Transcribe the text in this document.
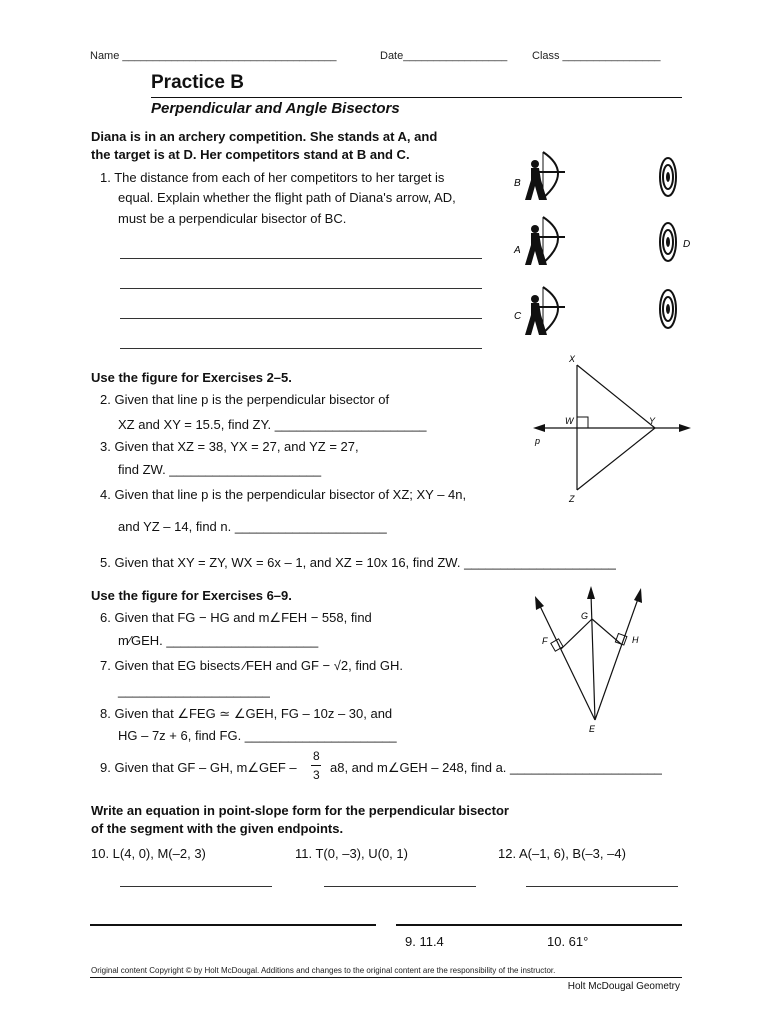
Name ___________________________________	Date_________________ Class ________________
Practice B
Perpendicular and Angle Bisectors
Diana is in an archery competition. She stands at A, and
the target is at D. Her competitors stand at B and C.
1. The distance from each of her competitors to her target is
equal. Explain whether the flight path of Diana's arrow, AD,
must be a perpendicular bisector of BC.
B
A
C
D
Use the figure for Exercises 2–5.
2. Given that line p is the perpendicular bisector of
XZ and XY = 15.5, find ZY. _____________________
3. Given that XZ = 38, YX = 27, and YZ = 27,
find ZW. _____________________
4. Given that line p is the perpendicular bisector of XZ; XY – 4n,
and YZ – 14, find n. _____________________
5. Given that XY = ZY, WX = 6x – 1, and XZ = 10x 16, find ZW. _____________________
X
W	Y
p
Z
Use the figure for Exercises 6–9.
6. Given that FG − HG and m∠FEH − 558, find
m⁄GEH. _____________________
7. Given that EG bisects ⁄FEH and GF − √2, find GH.
_____________________
8. Given that ∠FEG ≃ ∠GEH, FG – 10z – 30, and
HG – 7z + 6, find FG. _____________________
9. Given that GF – GH, m∠GEF –
8
3 a8, and m∠GEH – 248, find a. _____________________
G
F	H
E
Write an equation in point-slope form for the perpendicular bisector
of the segment with the given endpoints.
10. L(4, 0), M(–2, 3)	11. T(0, –3), U(0, 1)	12. A(–1, 6), B(–3, –4)
9. 11.4	10. 61°
Original content Copyright © by Holt McDougal. Additions and changes to the original content are the responsibility of the instructor.
Holt McDougal Geometry
